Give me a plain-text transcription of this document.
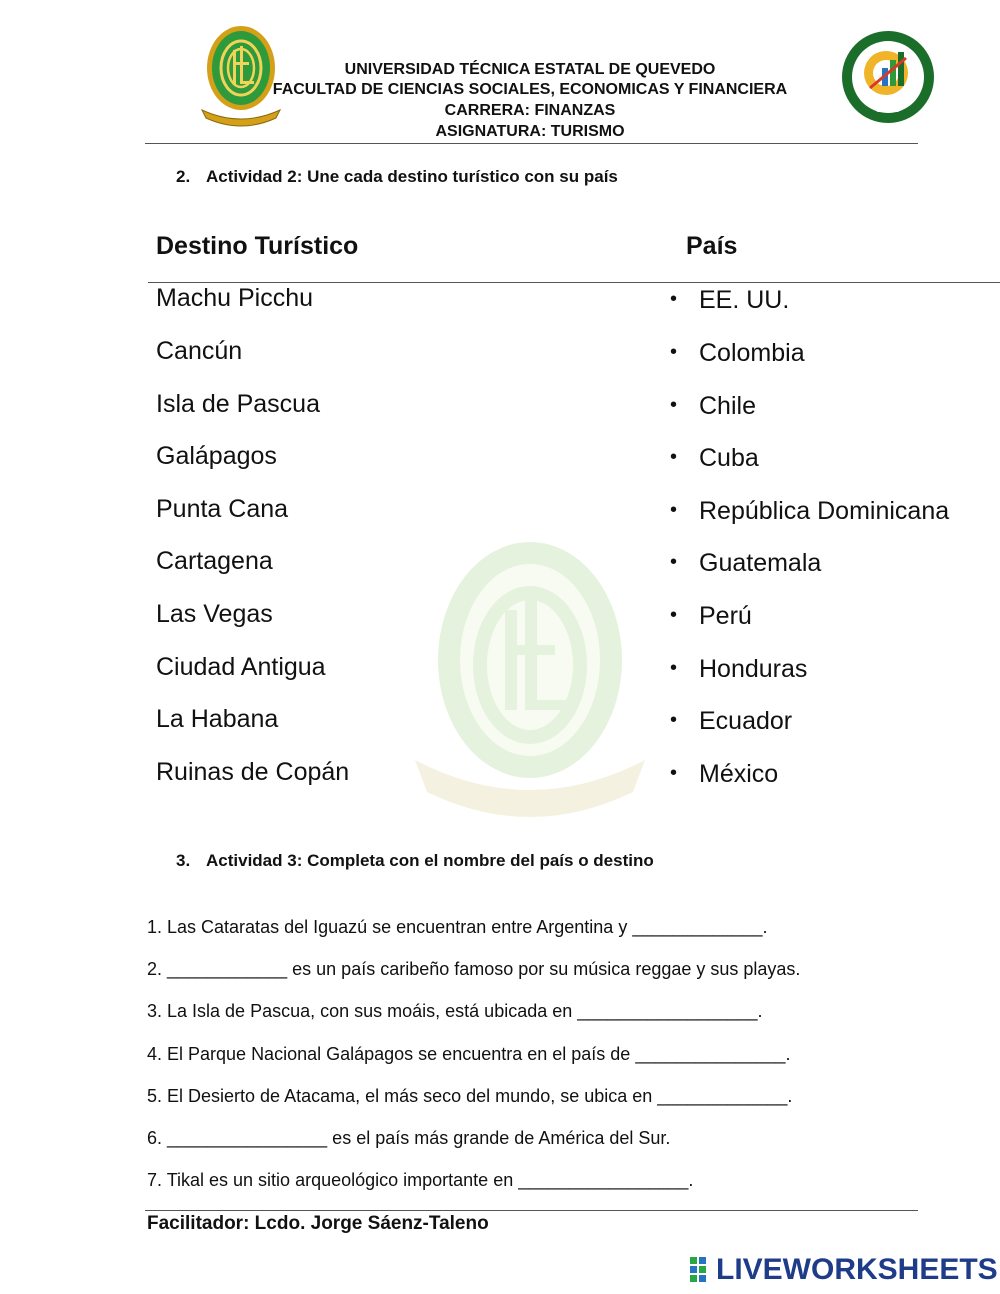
UTEO
UNIVERSIDAD TÉCNICA ESTATAL DE QUEVEDO
FACULTAD DE CIENCIAS SOCIALES, ECONOMICAS Y FINANCIERA
CARRERA: FINANZAS
ASIGNATURA: TURISMO
2. Actividad 2: Une cada destino turístico con su país
Destino Turístico	País
Machu Picchu
Cancún
Isla de Pascua
Galápagos
Punta Cana
Cartagena
Las Vegas
Ciudad Antigua
La Habana
Ruinas de Copán
• EE. UU.
• Colombia
• Chile
• Cuba
• República Dominicana
• Guatemala
• Perú
• Honduras
• Ecuador
• México
3. Actividad 3: Completa con el nombre del país o destino
1. Las Cataratas del Iguazú se encuentran entre Argentina y _____________.
2. ____________ es un país caribeño famoso por su música reggae y sus playas.
3. La Isla de Pascua, con sus moáis, está ubicada en __________________.
4. El Parque Nacional Galápagos se encuentra en el país de _______________.
5. El Desierto de Atacama, el más seco del mundo, se ubica en _____________.
6. ________________ es el país más grande de América del Sur.
7. Tikal es un sitio arqueológico importante en _________________.
Facilitador: Lcdo. Jorge Sáenz-Taleno
LIVEWORKSHEETS
